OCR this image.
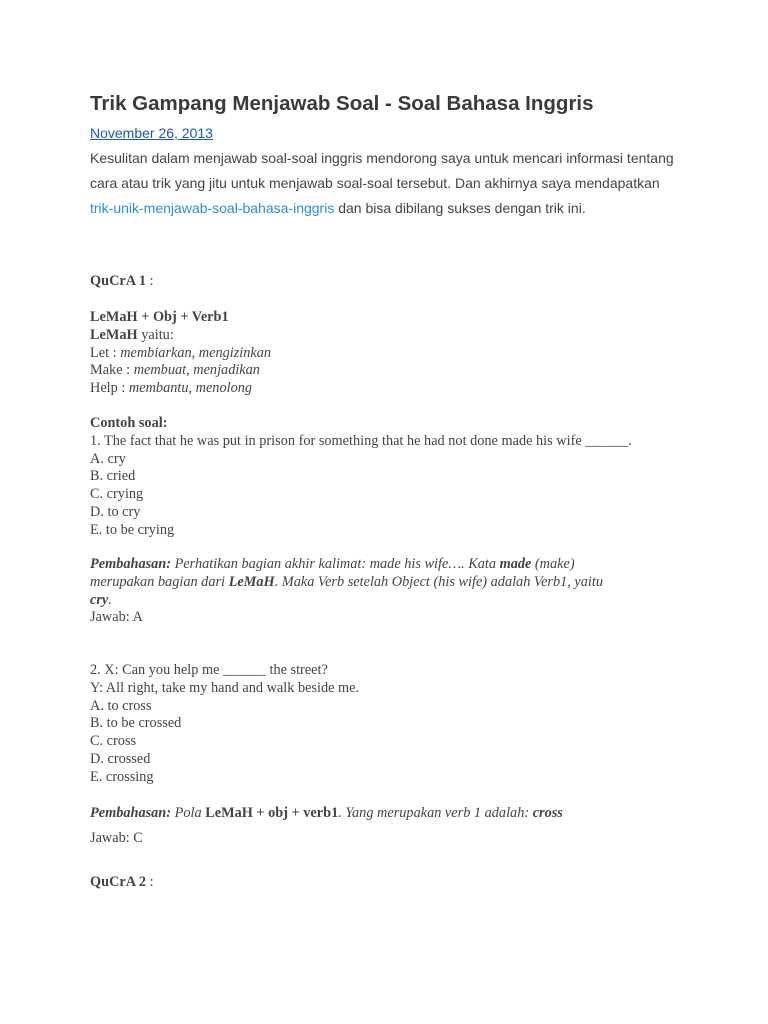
Trik Gampang Menjawab Soal - Soal Bahasa Inggris
November 26, 2013

Kesulitan dalam menjawab soal-soal inggris mendorong saya untuk mencari informasi tentang cara atau trik yang jitu untuk menjawab soal-soal tersebut. Dan akhirnya saya mendapatkan trik-unik-menjawab-soal-bahasa-inggris dan bisa dibilang sukses dengan trik ini.

QuCrA 1 :
LeMaH + Obj + Verb1
LeMaH yaitu:
Let : membiarkan, mengizinkan
Make : membuat, menjadikan
Help : membantu, menolong
Contoh soal:
1. The fact that he was put in prison for something that he had not done made his wife ______.
A. cry
B. cried
C. crying
D. to cry
E. to be crying
Pembahasan: Perhatikan bagian akhir kalimat: made his wife…. Kata made (make)
merupakan bagian dari LeMaH. Maka Verb setelah Object (his wife) adalah Verb1, yaitu
cry.
Jawab: A
2. X: Can you help me ______ the street?
Y: All right, take my hand and walk beside me.
A. to cross
B. to be crossed
C. cross
D. crossed
E. crossing
Pembahasan: Pola LeMaH + obj + verb1. Yang merupakan verb 1 adalah: cross
Jawab: C
QuCrA 2 :
